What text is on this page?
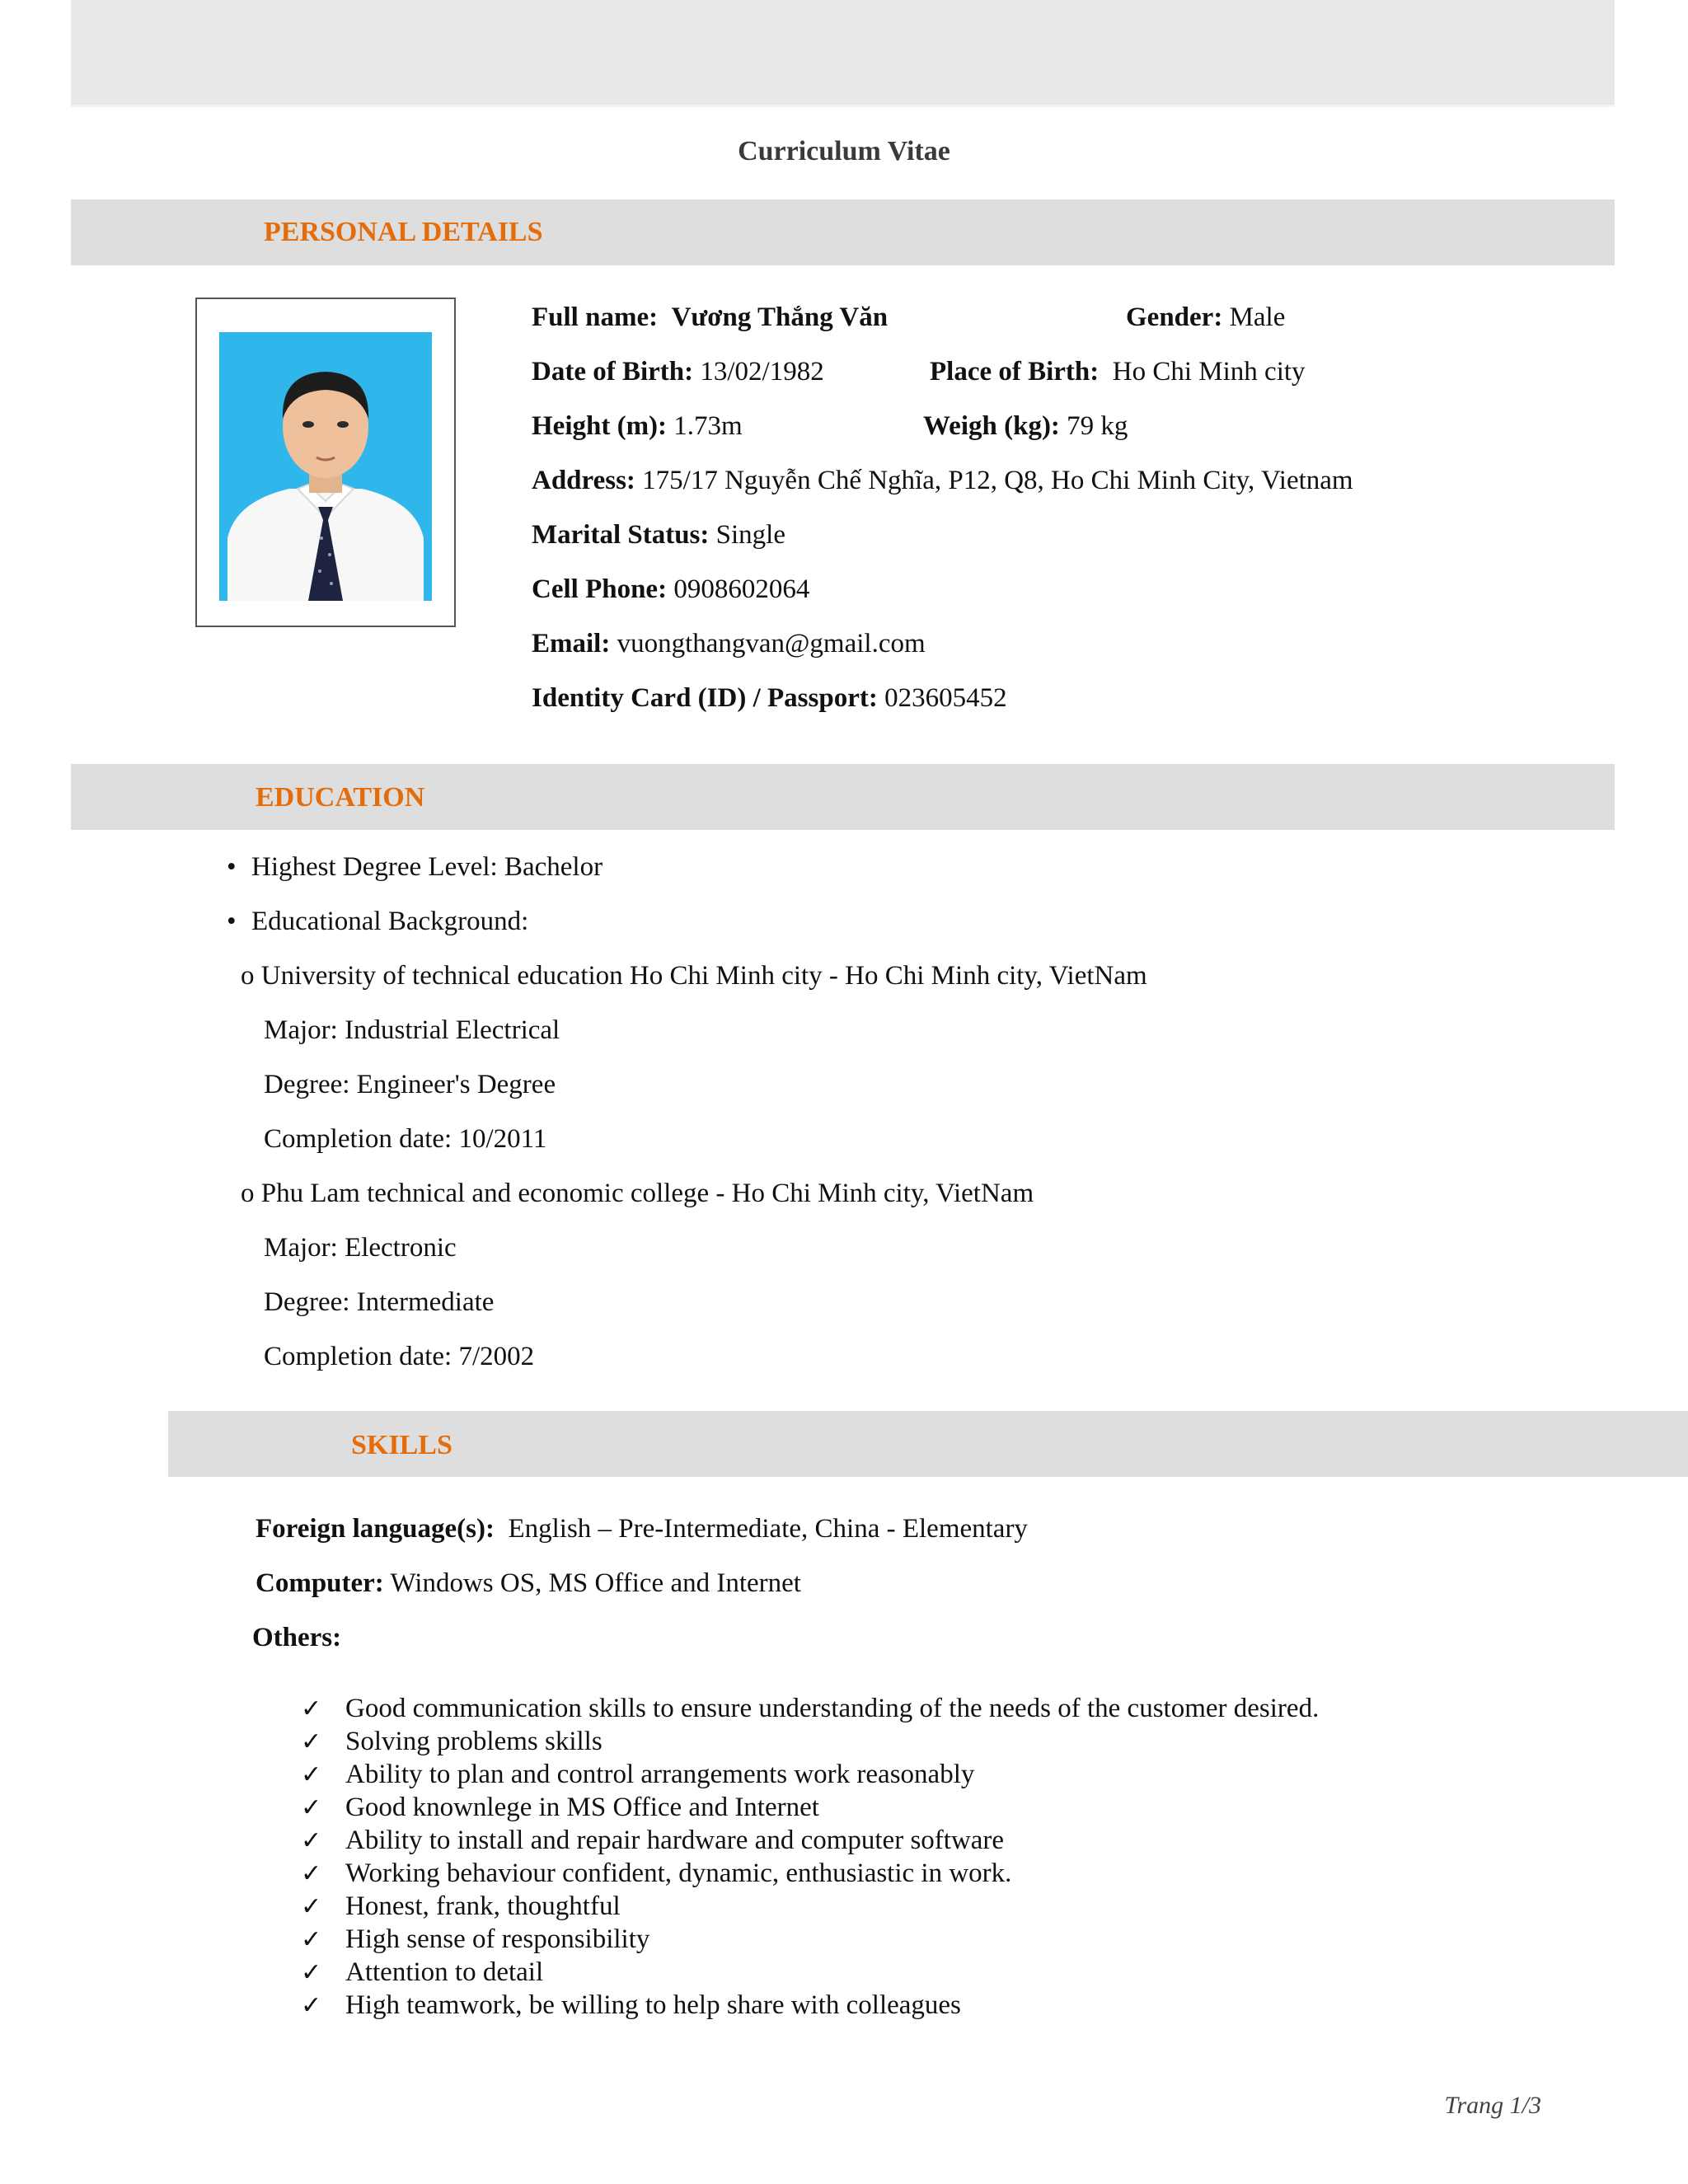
Curriculum Vitae
PERSONAL DETAILS
Full name: Vương Thắng Văn	Gender: Male
Date of Birth: 13/02/1982	Place of Birth: Ho Chi Minh city
Height (m): 1.73m	Weigh (kg): 79 kg
Address: 175/17 Nguyễn Chế Nghĩa, P12, Q8, Ho Chi Minh City, Vietnam
Marital Status: Single
Cell Phone: 0908602064
Email: vuongthangvan@gmail.com
Identity Card (ID) / Passport: 023605452
EDUCATION
• Highest Degree Level: Bachelor
• Educational Background:
o University of technical education Ho Chi Minh city - Ho Chi Minh city, VietNam
Major: Industrial Electrical
Degree: Engineer's Degree
Completion date: 10/2011
o Phu Lam technical and economic college - Ho Chi Minh city, VietNam
Major: Electronic
Degree: Intermediate
Completion date: 7/2002
SKILLS
Foreign language(s): English – Pre-Intermediate, China - Elementary
Computer: Windows OS, MS Office and Internet
Others:
✓ Good communication skills to ensure understanding of the needs of the customer desired.
✓ Solving problems skills
✓ Ability to plan and control arrangements work reasonably
✓ Good knownlege in MS Office and Internet
✓ Ability to install and repair hardware and computer software
✓ Working behaviour confident, dynamic, enthusiastic in work.
✓ Honest, frank, thoughtful
✓ High sense of responsibility
✓ Attention to detail
✓ High teamwork, be willing to help share with colleagues
Trang 1/3
